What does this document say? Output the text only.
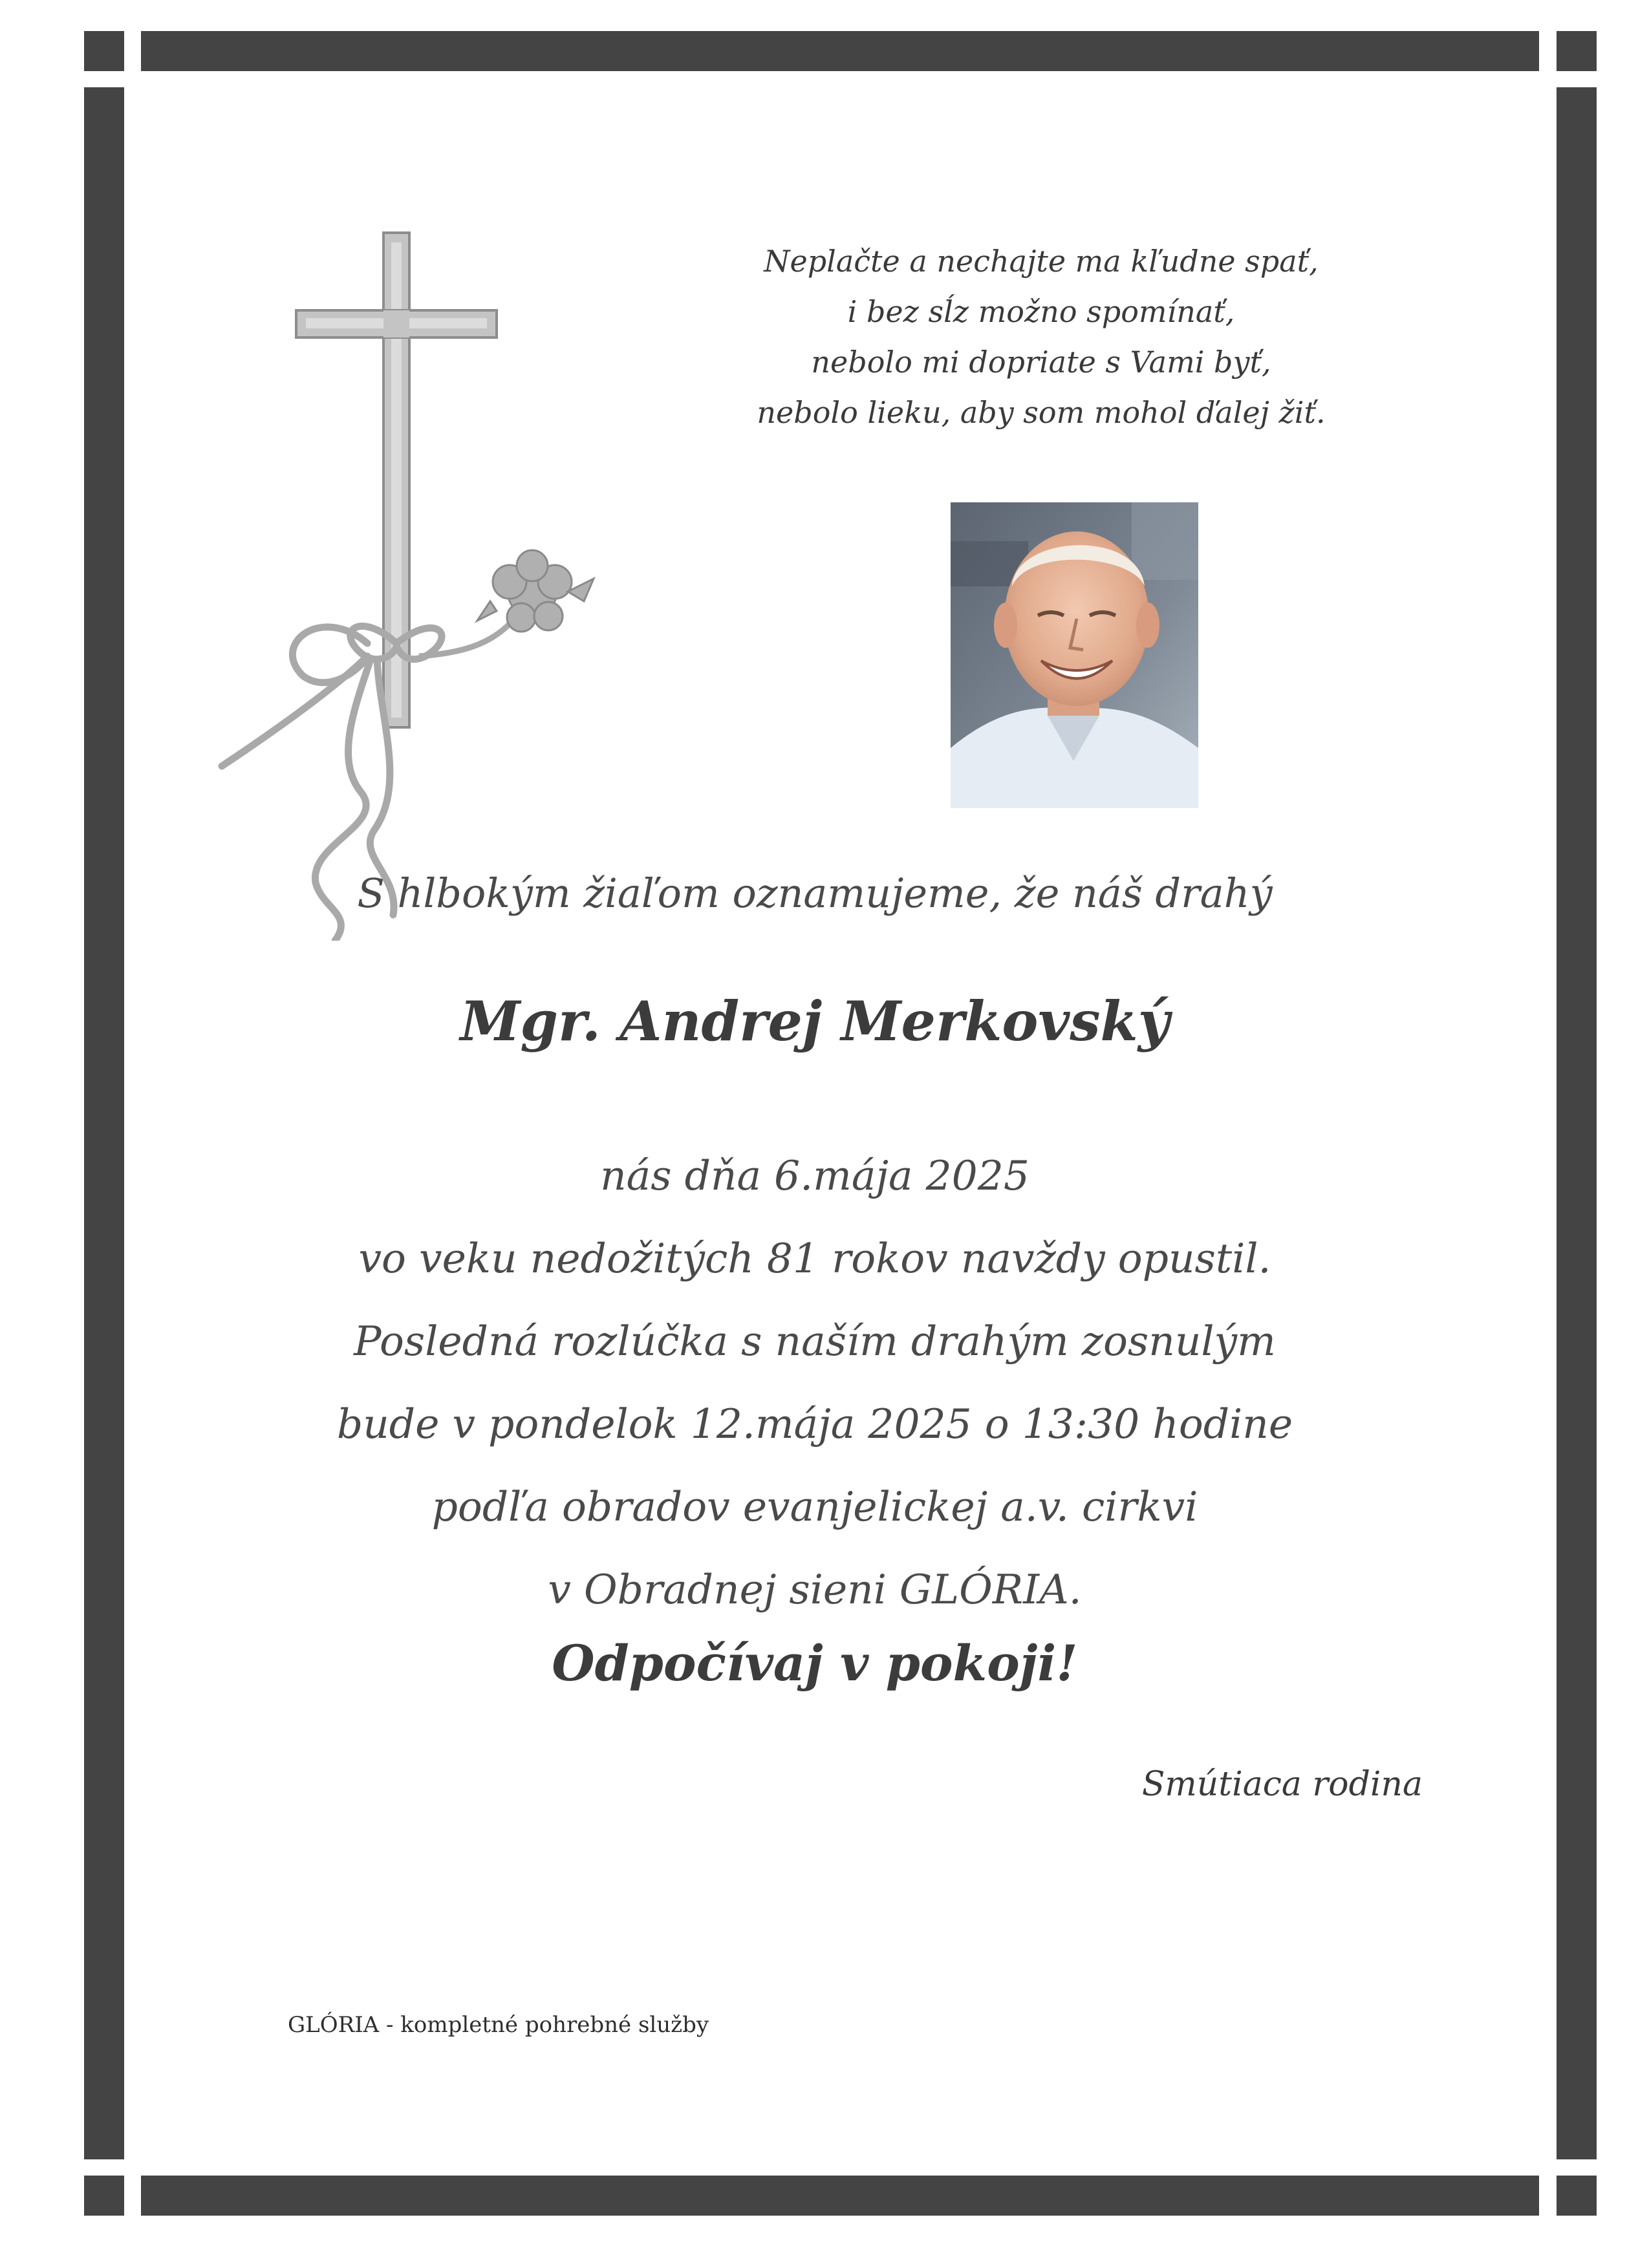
Neplačte a nechajte ma kľudne spať,
i bez sĺz možno spomínať,
nebolo mi dopriate s Vami byť,
nebolo lieku, aby som mohol ďalej žiť.
S hlbokým žiaľom oznamujeme, že náš drahý
Mgr. Andrej Merkovský
nás dňa 6.mája 2025
vo veku nedožitých 81 rokov navždy opustil.
Posledná rozlúčka s naším drahým zosnulým
bude v pondelok 12.mája 2025 o 13:30 hodine
podľa obradov evanjelickej a.v. cirkvi
v Obradnej sieni GLÓRIA.
Odpočívaj v pokoji!
Smútiaca rodina
GLÓRIA - kompletné pohrebné služby
